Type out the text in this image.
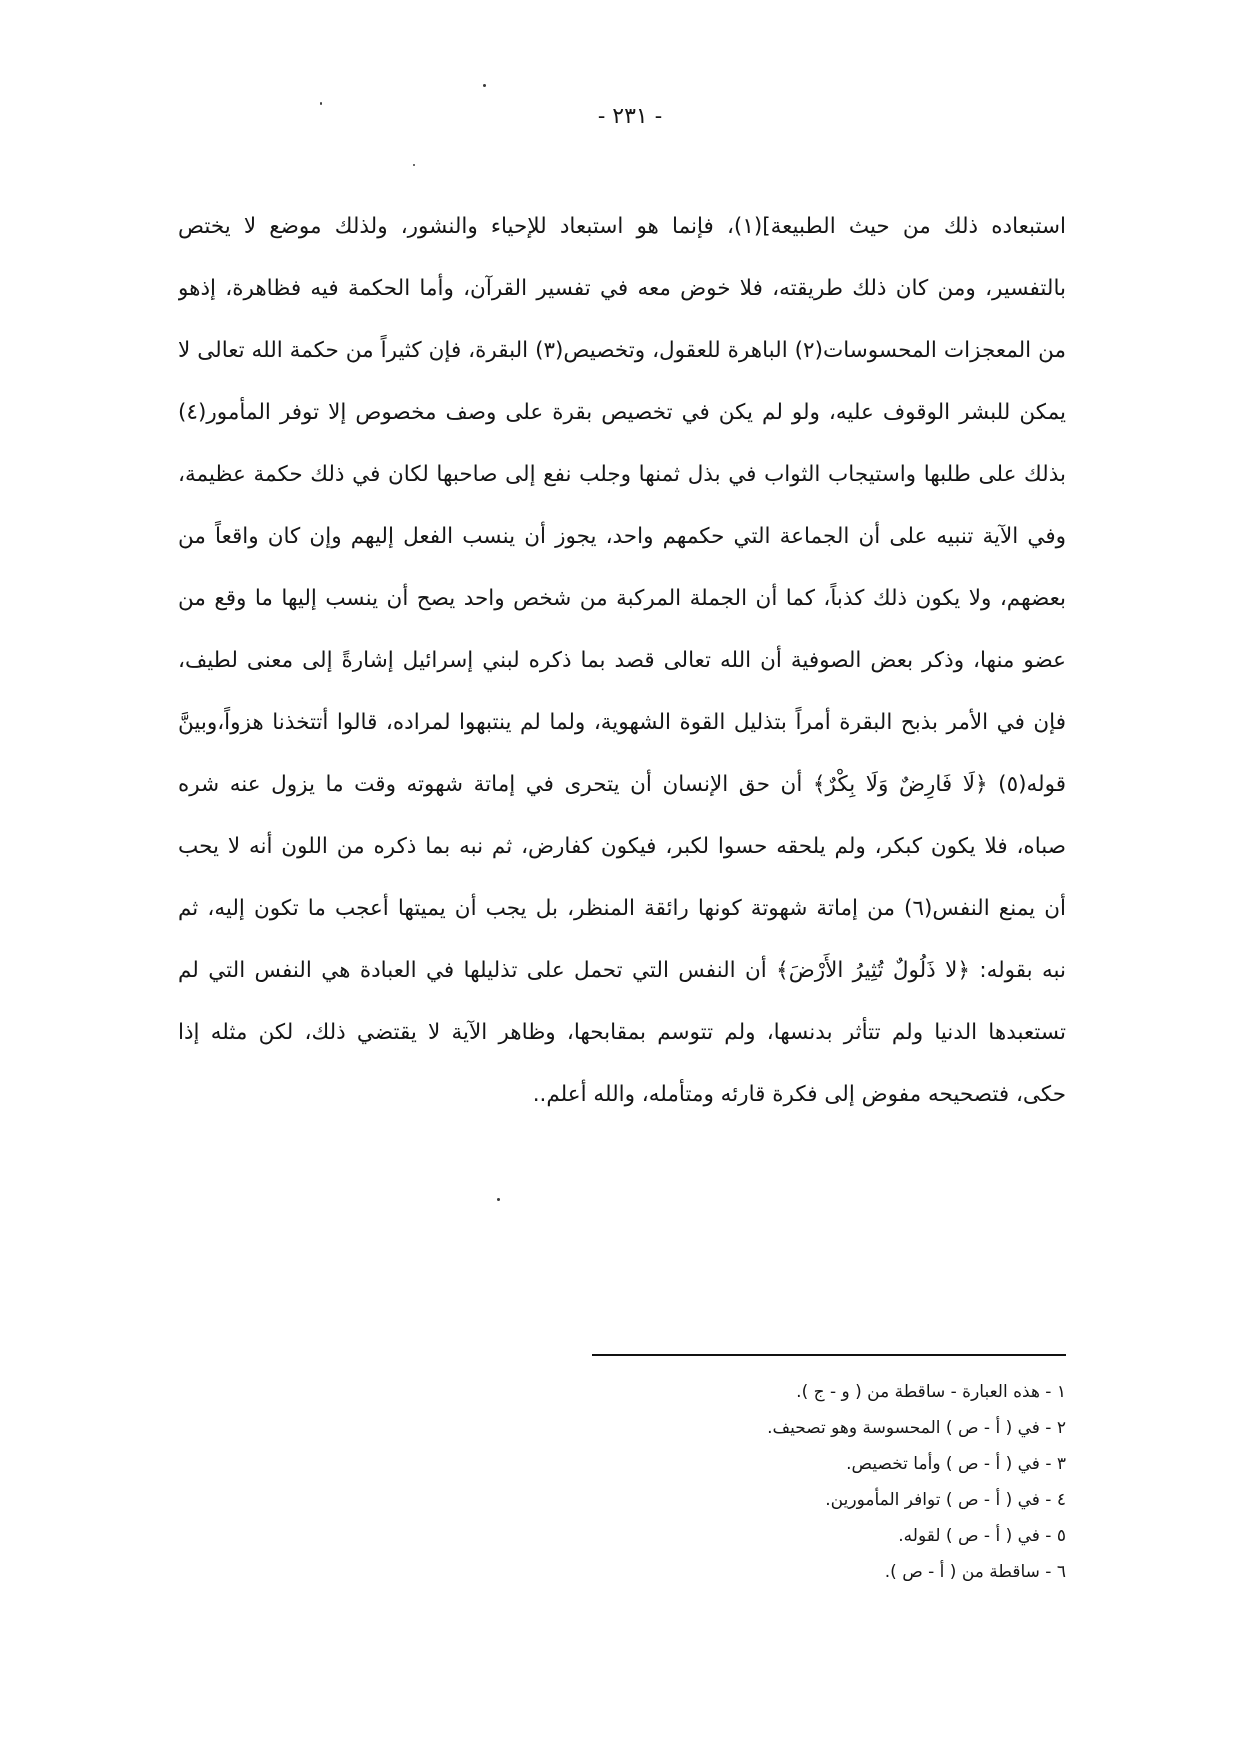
- ٢٣١ -
استبعاده ذلك من حيث الطبيعة](١)، فإنما هو استبعاد للإحياء والنشور، ولذلك موضع لا يختص
بالتفسير، ومن كان ذلك طريقته، فلا خوض معه في تفسير القرآن، وأما الحكمة فيه فظاهرة، إذهو
من المعجزات المحسوسات(٢) الباهرة للعقول، وتخصيص(٣) البقرة، فإن كثيراً من حكمة الله تعالى لا
يمكن للبشر الوقوف عليه، ولو لم يكن في تخصيص بقرة على وصف مخصوص إلا توفر المأمور(٤)
بذلك على طلبها واستيجاب الثواب في بذل ثمنها وجلب نفع إلى صاحبها لكان في ذلك حكمة عظيمة،
وفي الآية تنبيه على أن الجماعة التي حكمهم واحد، يجوز أن ينسب الفعل إليهم وإن كان واقعاً من
بعضهم، ولا يكون ذلك كذباً، كما أن الجملة المركبة من شخص واحد يصح أن ينسب إليها ما وقع من
عضو منها، وذكر بعض الصوفية أن الله تعالى قصد بما ذكره لبني إسرائيل إشارةً إلى معنى لطيف،
فإن في الأمر بذبح البقرة أمراً بتذليل القوة الشهوية، ولما لم ينتبهوا لمراده، قالوا أتتخذنا هزواً،وبينَّ
قوله(٥) ﴿لَا فَارِضٌ وَلَا بِكْرٌ﴾ أن حق الإنسان أن يتحرى في إماتة شهوته وقت ما يزول عنه شره
صباه، فلا يكون كبكر، ولم يلحقه حسوا لكبر، فيكون كفارض، ثم نبه بما ذكره من اللون أنه لا يحب
أن يمنع النفس(٦) من إماتة شهوتة كونها رائقة المنظر، بل يجب أن يميتها أعجب ما تكون إليه، ثم
نبه بقوله: ﴿لا ذَلُولٌ تُثِيرُ الأَرْضَ﴾ أن النفس التي تحمل على تذليلها في العبادة هي النفس التي لم
تستعبدها الدنيا ولم تتأثر بدنسها، ولم تتوسم بمقابحها، وظاهر الآية لا يقتضي ذلك، لكن مثله إذا
حكى، فتصحيحه مفوض إلى فكرة قارئه ومتأمله، والله أعلم..
١ - هذه العبارة - ساقطة من ( و - ج ).
٢ - في ( أ - ص ) المحسوسة وهو تصحيف.
٣ - في ( أ - ص ) وأما تخصيص.
٤ - في ( أ - ص ) توافر المأمورين.
٥ - في ( أ - ص ) لقوله.
٦ - ساقطة من ( أ - ص ).
